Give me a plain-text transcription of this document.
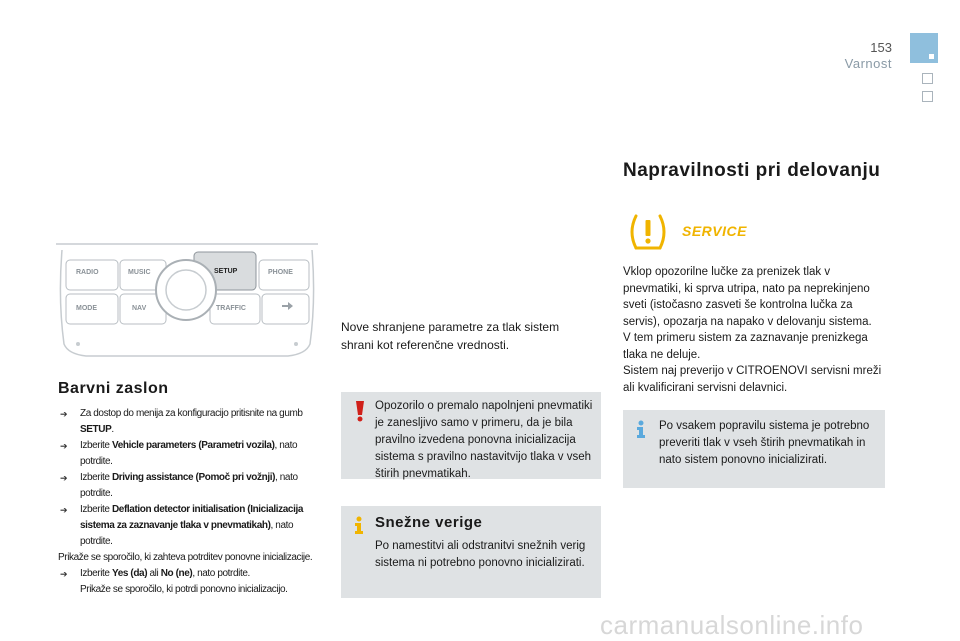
153
Varnost
RADIO	MUSIC	SETUP	PHONE
MODE	NAV	TRAFFIC
Barvni zaslon
➔ Za dostop do menija za konfiguracijo pritisnite na gumb SETUP.
➔ Izberite Vehicle parameters (Parametri vozila), nato potrdite.
➔ Izberite Driving assistance (Pomoč pri vožnji), nato potrdite.
➔ Izberite Deflation detector initialisation (Inicializacija sistema za zaznavanje tlaka v pnevmatikah), nato potrdite.
Prikaže se sporočilo, ki zahteva potrditev ponovne inicializacije.
➔ Izberite Yes (da) ali No (ne), nato potrdite.
Prikaže se sporočilo, ki potrdi ponovno inicializacijo.

Nove shranjene parametre za tlak sistem shrani kot referenčne vrednosti.

Opozorilo o premalo napolnjeni pnevmatiki je zanesljivo samo v primeru, da je bila pravilno izvedena ponovna inicializacija sistema s pravilno nastavitvijo tlaka v vseh štirih pnevmatikah.

Snežne verige

Po namestitvi ali odstranitvi snežnih verig sistema ni potrebno ponovno inicializirati.

Napravilnosti pri delovanju
SERVICE

Vklop opozorilne lučke za prenizek tlak v pnevmatiki, ki sprva utripa, nato pa neprekinjeno sveti (istočasno zasveti še kontrolna lučka za servis), opozarja na napako v delovanju sistema.
V tem primeru sistem za zaznavanje prenizkega tlaka ne deluje.
Sistem naj preverijo v CITROENOVI servisni mreži ali kvalificirani servisni delavnici.

Po vsakem popravilu sistema je potrebno preveriti tlak v vseh štirih pnevmatikah in nato sistem ponovno inicializirati.

carmanualsonline.info
